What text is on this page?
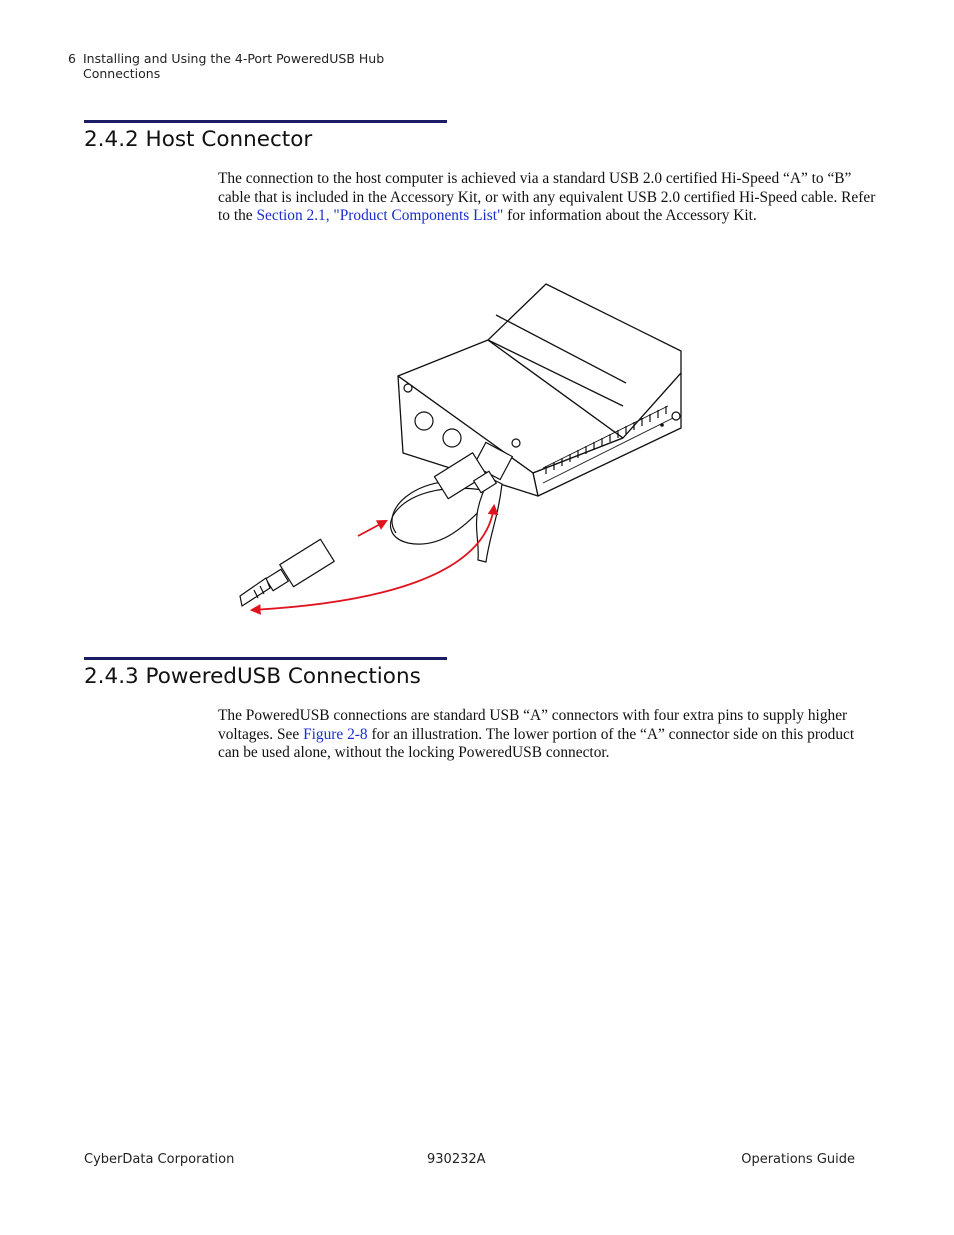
6 Installing and Using the 4-Port PoweredUSB Hub
Connections
2.4.2 Host Connector
The connection to the host computer is achieved via a standard USB 2.0 certified Hi-Speed “A” to “B” cable that is included in the Accessory Kit, or with any equivalent USB 2.0 certified Hi-Speed cable. Refer to the Section 2.1, "Product Components List" for information about the Accessory Kit.
2.4.3 PoweredUSB Connections
The PoweredUSB connections are standard USB “A” connectors with four extra pins to supply higher voltages. See Figure 2-8 for an illustration. The lower portion of the “A” connector side on this product can be used alone, without the locking PoweredUSB connector.
CyberData Corporation	930232A	Operations Guide
